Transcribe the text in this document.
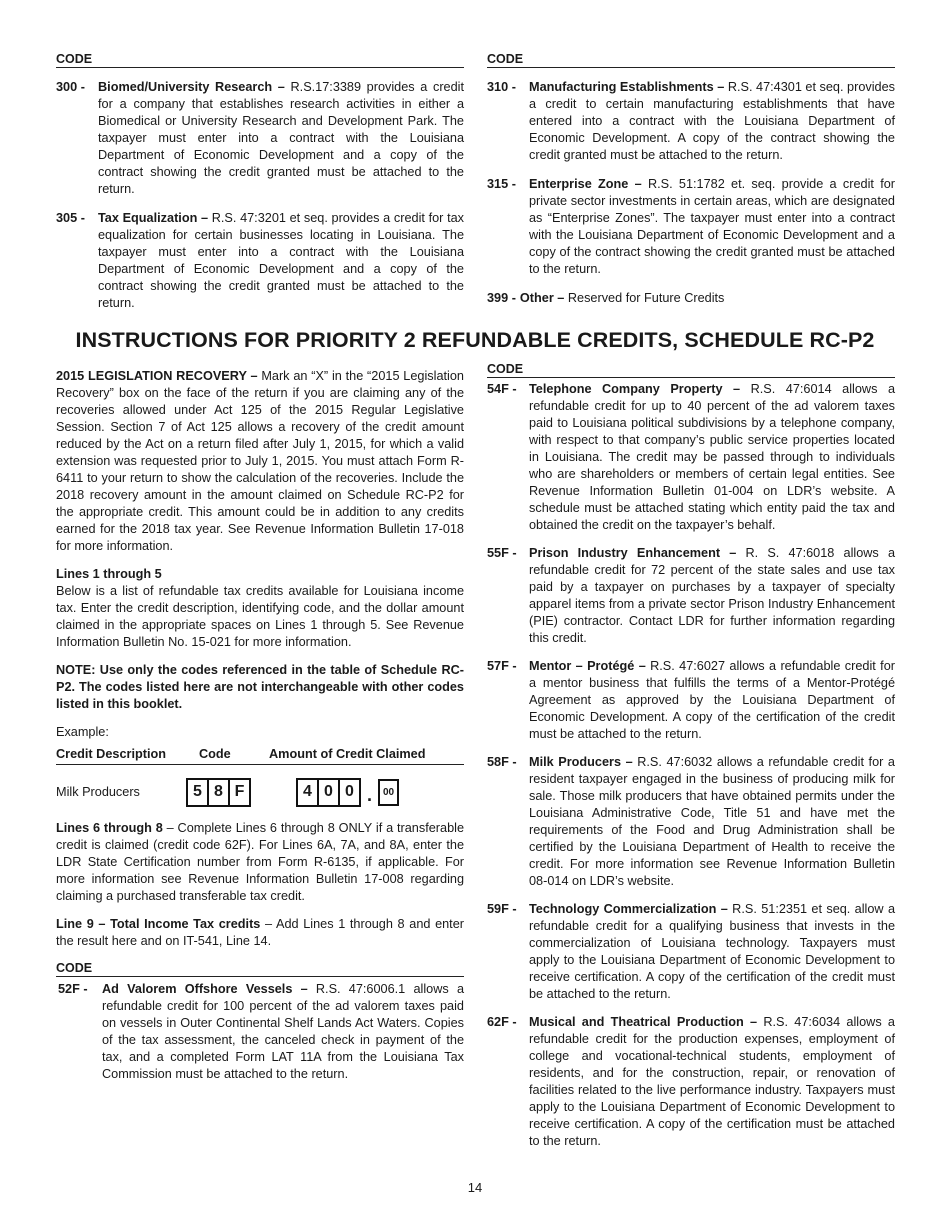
CODE
300 -	Biomed/University Research – R.S.17:3389 provides a credit for a company that establishes research activities in either a Biomedical or University Research and Development Park. The taxpayer must enter into a contract with the Louisiana Department of Economic Development and a copy of the contract showing the credit granted must be attached to the return.
305 -	Tax Equalization – R.S. 47:3201 et seq. provides a credit for tax equalization for certain businesses locating in Louisiana. The taxpayer must enter into a contract with the Louisiana Department of Economic Development and a copy of the contract showing the credit granted must be attached to the return.
CODE
310 -	Manufacturing Establishments – R.S. 47:4301 et seq. provides a credit to certain manufacturing establishments that have entered into a contract with the Louisiana Department of Economic Development. A copy of the contract showing the credit granted must be attached to the return.
315 -	Enterprise Zone – R.S. 51:1782 et. seq. provide a credit for private sector investments in certain areas, which are designated as “Enterprise Zones”. The taxpayer must enter into a contract with the Louisiana Department of Economic Development and a copy of the contract showing the credit granted must be attached to the return.
399 - Other – Reserved for Future Credits
INSTRUCTIONS FOR PRIORITY 2 REFUNDABLE CREDITS, SCHEDULE RC-P2

2015 LEGISLATION RECOVERY – Mark an “X” in the “2015 Legislation Recovery” box on the face of the return if you are claiming any of the recoveries allowed under Act 125 of the 2015 Regular Legislative Session. Section 7 of Act 125 allows a recovery of the credit amount reduced by the Act on a return filed after July 1, 2015, for which a valid extension was requested prior to July 1, 2015. You must attach Form R-6411 to your return to show the calculation of the recoveries. Include the 2018 recovery amount in the amount claimed on Schedule RC-P2 for the appropriate credit. This amount could be in addition to any credits earned for the 2018 tax year. See Revenue Information Bulletin 17-018 for more information.

Lines 1 through 5

Below is a list of refundable tax credits available for Louisiana income tax. Enter the credit description, identifying code, and the dollar amount claimed in the appropriate spaces on Lines 1 through 5. See Revenue Information Bulletin No. 15-021 for more information.

NOTE: Use only the codes referenced in the table of Schedule RC-P2. The codes listed here are not interchangeable with other codes listed in this booklet.

Example:

Credit Description	Code	Amount of Credit Claimed
Milk Producers	5 8 F	4 0 0 .	00

Lines 6 through 8 – Complete Lines 6 through 8 ONLY if a transferable credit is claimed (credit code 62F). For Lines 6A, 7A, and 8A, enter the LDR State Certification number from Form R-6135, if applicable. For more information see Revenue Information Bulletin 17-008 regarding claiming a purchased transferable tax credit.

Line 9 – Total Income Tax credits – Add Lines 1 through 8 and enter the result here and on IT-541, Line 14.

CODE
52F -	Ad Valorem Offshore Vessels – R.S. 47:6006.1 allows a refundable credit for 100 percent of the ad valorem taxes paid on vessels in Outer Continental Shelf Lands Act Waters. Copies of the tax assessment, the canceled check in payment of the tax, and a completed Form LAT 11A from the Louisiana Tax Commission must be attached to the return.
CODE
54F - Telephone Company Property – R.S. 47:6014 allows a refundable credit for up to 40 percent of the ad valorem taxes paid to Louisiana political subdivisions by a telephone company, with respect to that company’s public service properties located in Louisiana. The credit may be passed through to individuals who are shareholders or members of certain legal entities. See Revenue Information Bulletin 01-004 on LDR’s website. A schedule must be attached stating which entity paid the tax and obtained the credit on the taxpayer’s behalf.
55F - Prison Industry Enhancement – R. S. 47:6018 allows a refundable credit for 72 percent of the state sales and use tax paid by a taxpayer on purchases by a taxpayer of specialty apparel items from a private sector Prison Industry Enhancement (PIE) contractor. Contact LDR for further information regarding this credit.
57F - Mentor – Protégé – R.S. 47:6027 allows a refundable credit for a mentor business that fulfills the terms of a Mentor-Protégé Agreement as approved by the Louisiana Department of Economic Development. A copy of the certification of the credit must be attached to the return.
58F - Milk Producers – R.S. 47:6032 allows a refundable credit for a resident taxpayer engaged in the business of producing milk for sale. Those milk producers that have obtained permits under the Louisiana Administrative Code, Title 51 and have met the requirements of the Food and Drug Administration shall be certified by the Louisiana Department of Health to receive the credit. For more information see Revenue Information Bulletin 08-014 on LDR’s website.
59F - Technology Commercialization – R.S. 51:2351 et seq. allow a refundable credit for a qualifying business that invests in the commercialization of Louisiana technology. Taxpayers must apply to the Louisiana Department of Economic Development to receive certification. A copy of the certification of the credit must be attached to the return.
62F - Musical and Theatrical Production – R.S. 47:6034 allows a refundable credit for the production expenses, employment of college and vocational-technical students, employment of residents, and for the construction, repair, or renovation of facilities related to the live performance industry. Taxpayers must apply to the Louisiana Department of Economic Development to receive certification. A copy of the certification must be attached to the return.
14
